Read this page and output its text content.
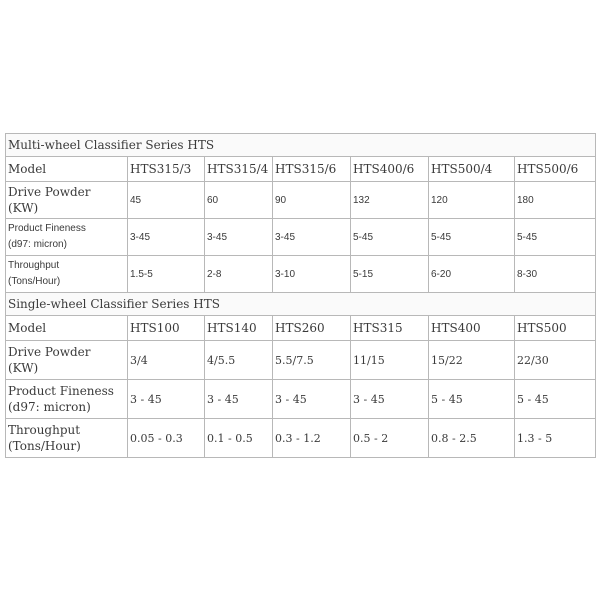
Multi-wheel Classifier Series HTS						
Model	HTS315/3	HTS315/4	HTS315/6	HTS400/6	HTS500/4	HTS500/6
Drive Powder
(KW)	45	60	90	132	120	180
Product Fineness
(d97: micron)	3-45	3-45	3-45	5-45	5-45	5-45
Throughput
(Tons/Hour)	1.5-5	2-8	3-10	5-15	6-20	8-30
Single-wheel Classifier Series HTS						
Model	HTS100	HTS140	HTS260	HTS315	HTS400	HTS500
Drive Powder
(KW)	3/4	4/5.5	5.5/7.5	11/15	15/22	22/30
Product Fineness
(d97: micron)	3 - 45	3 - 45	3 - 45	3 - 45	5 - 45	5 - 45
Throughput
(Tons/Hour)	0.05 - 0.3	0.1 - 0.5	0.3 - 1.2	0.5 - 2	0.8 - 2.5	1.3 - 5
